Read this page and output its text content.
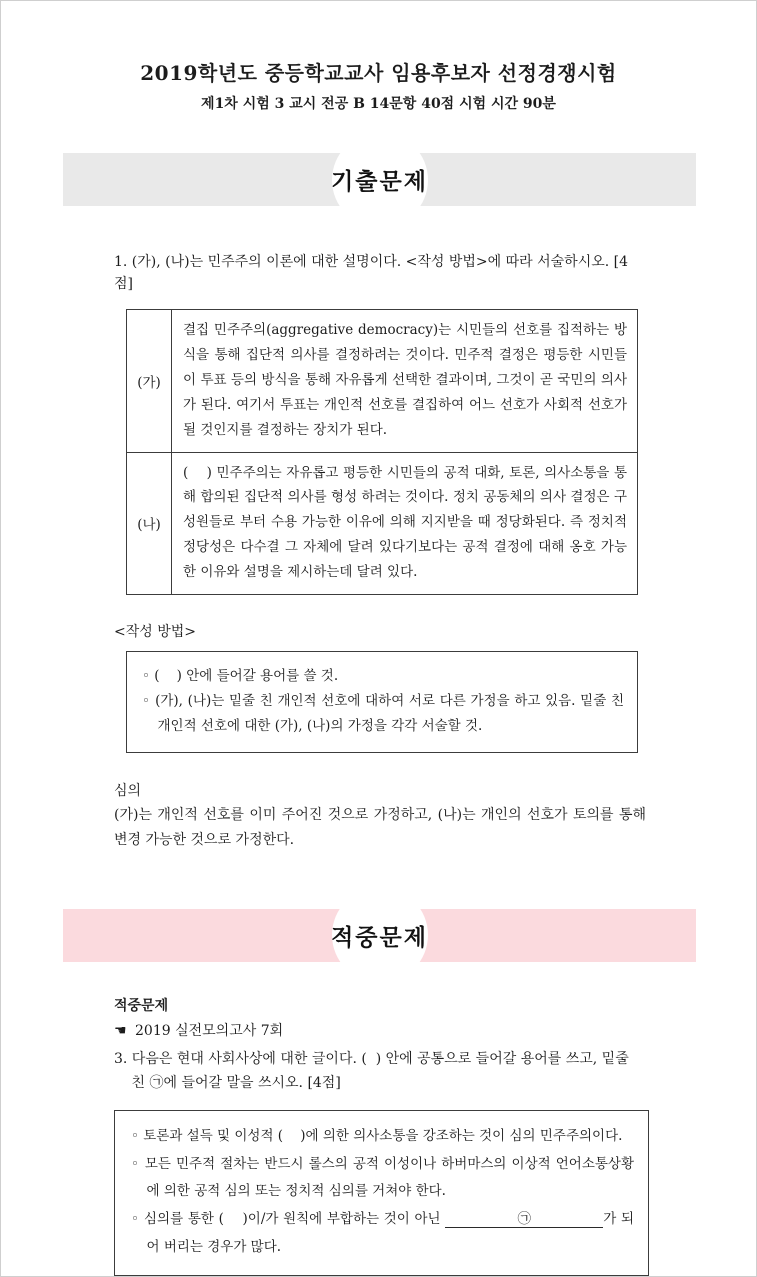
2019학년도 중등학교교사 임용후보자 선정경쟁시험
제1차 시험 3 교시 전공 B 14문항 40점 시험 시간 90분
기출문제

1. (가), (나)는 민주주의 이론에 대한 설명이다. <작성 방법>에 따라 서술하시오. [4점]

(가)	결집 민주주의(aggregative democracy)는 시민들의 선호를 집적하는 방식을 통해 집단적 의사를 결정하려는 것이다. 민주적 결정은 평등한 시민들이 투표 등의 방식을 통해 자유롭게 선택한 결과이며, 그것이 곧 국민의 의사가 된다. 여기서 투표는 개인적 선호를 결집하여 어느 선호가 사회적 선호가 될 것인지를 결정하는 장치가 된다.
(나)	(    ) 민주주의는 자유롭고 평등한 시민들의 공적 대화, 토론, 의사소통을 통해 합의된 집단적 의사를 형성 하려는 것이다. 정치 공동체의 의사 결정은 구성원들로 부터 수용 가능한 이유에 의해 지지받을 때 정당화된다. 즉 정치적 정당성은 다수결 그 자체에 달려 있다기보다는 공적 결정에 대해 옹호 가능한 이유와 설명을 제시하는데 달려 있다.

<작성 방법>

◦ (    ) 안에 들어갈 용어를 쓸 것.

◦ (가), (나)는 밑줄 친 개인적 선호에 대하여 서로 다른 가정을 하고 있음. 밑줄 친 개인적 선호에 대한 (가), (나)의 가정을 각각 서술할 것.

심의

(가)는 개인적 선호를 이미 주어진 것으로 가정하고, (나)는 개인의 선호가 토의를 통해 변경 가능한 것으로 가정한다.

적중문제

적중문제

☚ 2019 실전모의고사 7회

3. 다음은 현대 사회사상에 대한 글이다. (  ) 안에 공통으로 들어갈 용어를 쓰고, 밑줄 친 ㉠에 들어갈 말을 쓰시오. [4점]

◦ 토론과 설득 및 이성적 (    )에 의한 의사소통을 강조하는 것이 심의 민주주의이다.

◦ 모든 민주적 절차는 반드시 롤스의 공적 이성이나 하버마스의 이상적 언어소통상황에 의한 공적 심의 또는 정치적 심의를 거쳐야 한다.

◦ 심의를 통한 (    )이/가 원칙에 부합하는 것이 아닌	㉠	가 되어 버리는 경우가 많다.
